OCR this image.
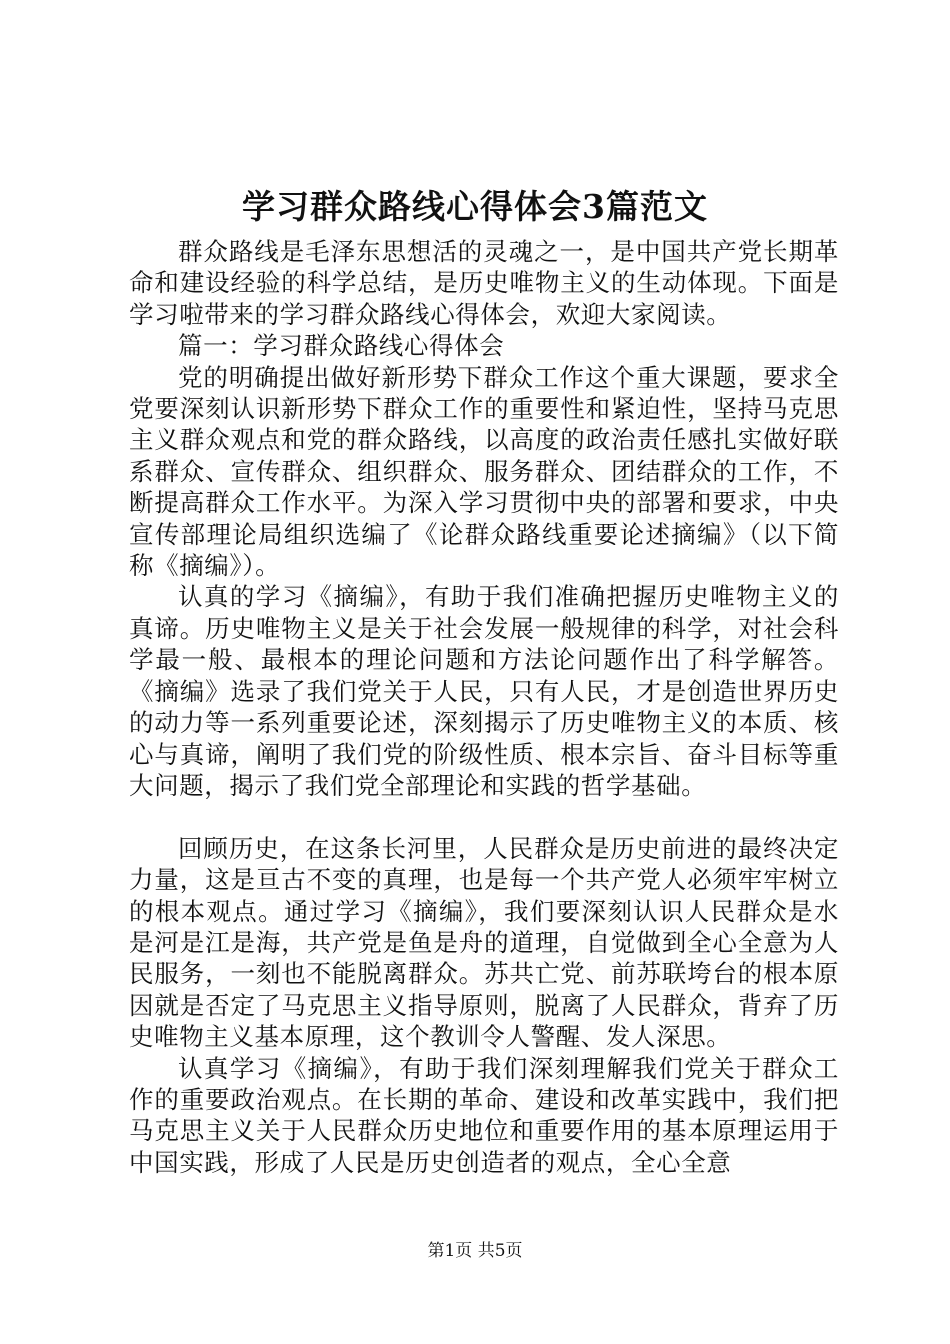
学习群众路线心得体会3篇范文

群众路线是毛泽东思想活的灵魂之一，是中国共产党长期革命和建设经验的科学总结，是历史唯物主义的生动体现。下面是学习啦带来的学习群众路线心得体会，欢迎大家阅读。

篇一：学习群众路线心得体会

党的明确提出做好新形势下群众工作这个重大课题，要求全党要深刻认识新形势下群众工作的重要性和紧迫性，坚持马克思主义群众观点和党的群众路线，以高度的政治责任感扎实做好联系群众、宣传群众、组织群众、服务群众、团结群众的工作，不断提高群众工作水平。为深入学习贯彻中央的部署和要求，中央宣传部理论局组织选编了《论群众路线重要论述摘编》（以下简称《摘编》）。

认真的学习《摘编》，有助于我们准确把握历史唯物主义的真谛。历史唯物主义是关于社会发展一般规律的科学，对社会科学最一般、最根本的理论问题和方法论问题作出了科学解答。《摘编》选录了我们党关于人民，只有人民，才是创造世界历史的动力等一系列重要论述，深刻揭示了历史唯物主义的本质、核心与真谛，阐明了我们党的阶级性质、根本宗旨、奋斗目标等重大问题，揭示了我们党全部理论和实践的哲学基础。

回顾历史，在这条长河里，人民群众是历史前进的最终决定力量，这是亘古不变的真理，也是每一个共产党人必须牢牢树立的根本观点。通过学习《摘编》，我们要深刻认识人民群众是水是河是江是海，共产党是鱼是舟的道理，自觉做到全心全意为人民服务，一刻也不能脱离群众。苏共亡党、前苏联垮台的根本原因就是否定了马克思主义指导原则，脱离了人民群众，背弃了历史唯物主义基本原理，这个教训令人警醒、发人深思。

认真学习《摘编》，有助于我们深刻理解我们党关于群众工作的重要政治观点。在长期的革命、建设和改革实践中，我们把马克思主义关于人民群众历史地位和重要作用的基本原理运用于中国实践，形成了人民是历史创造者的观点，全心全意

第1页 共5页
